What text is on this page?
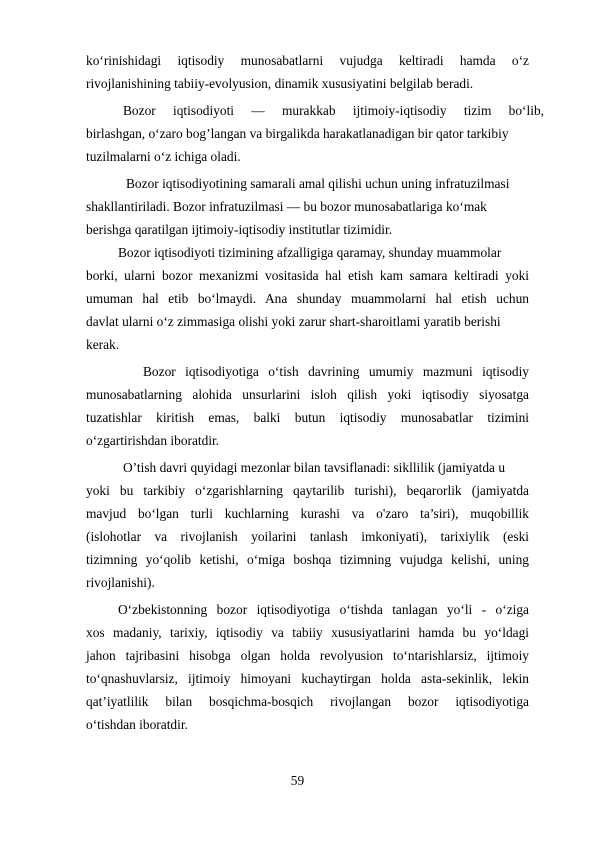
ko‘rinishidagi iqtisodiy munosabatlarni vujudga keltiradi hamda o‘z

rivojlanishining tabiiy-evolyusion, dinamik xususiyatini belgilab beradi.

Bozor iqtisodiyoti — murakkab ijtimoiy-iqtisodiy tizim bo‘lib,

birlashgan, o‘zaro bog’langan va birgalikda harakatlanadigan bir qator tarkibiy

tuzilmalarni o‘z ichiga oladi.

Bozor iqtisodiyotining samarali amal qilishi uchun uning infratuzilmasi

shakllantiriladi. Bozor infratuzilmasi — bu bozor munosabatlariga ko‘mak

berishga qaratilgan ijtimoiy-iqtisodiy institutlar tizimidir.

Bozor iqtisodiyoti tizimining afzalligiga qaramay, shunday muammolar

borki, ularni bozor mexanizmi vositasida hal etish kam samara keltiradi yoki

umuman hal etib bo‘lmaydi. Ana shunday muammolarni hal etish uchun

davlat ularni o‘z zimmasiga olishi yoki zarur shart-sharoitlami yaratib berishi

kerak.

Bozor iqtisodiyotiga o‘tish davrining umumiy mazmuni iqtisodiy

munosabatlarning alohida unsurlarini isloh qilish yoki iqtisodiy siyosatga

tuzatishlar kiritish emas, balki butun iqtisodiy munosabatlar tizimini

o‘zgartirishdan iboratdir.

O’tish davri quyidagi mezonlar bilan tavsiflanadi: sikllilik (jamiyatda u

yoki bu tarkibiy o‘zgarishlarning qaytarilib turishi), beqarorlik (jamiyatda

mavjud bo‘lgan turli kuchlarning kurashi va o'zaro ta’siri), muqobillik

(islohotlar va rivojlanish yoilarini tanlash imkoniyati), tarixiylik (eski

tizimning yo‘qolib ketishi, o‘miga boshqa tizimning vujudga kelishi, uning

rivojlanishi).

O‘zbekistonning bozor iqtisodiyotiga o‘tishda tanlagan yo‘li - o‘ziga

xos madaniy, tarixiy, iqtisodiy va tabiiy xususiyatlarini hamda bu yo‘ldagi

jahon tajribasini hisobga olgan holda revolyusion to‘ntarishlarsiz, ijtimoiy

to‘qnashuvlarsiz, ijtimoiy himoyani kuchaytirgan holda asta-sekinlik, lekin

qat’iyatlilik bilan bosqichma-bosqich rivojlangan bozor iqtisodiyotiga

o‘tishdan iboratdir.

59
